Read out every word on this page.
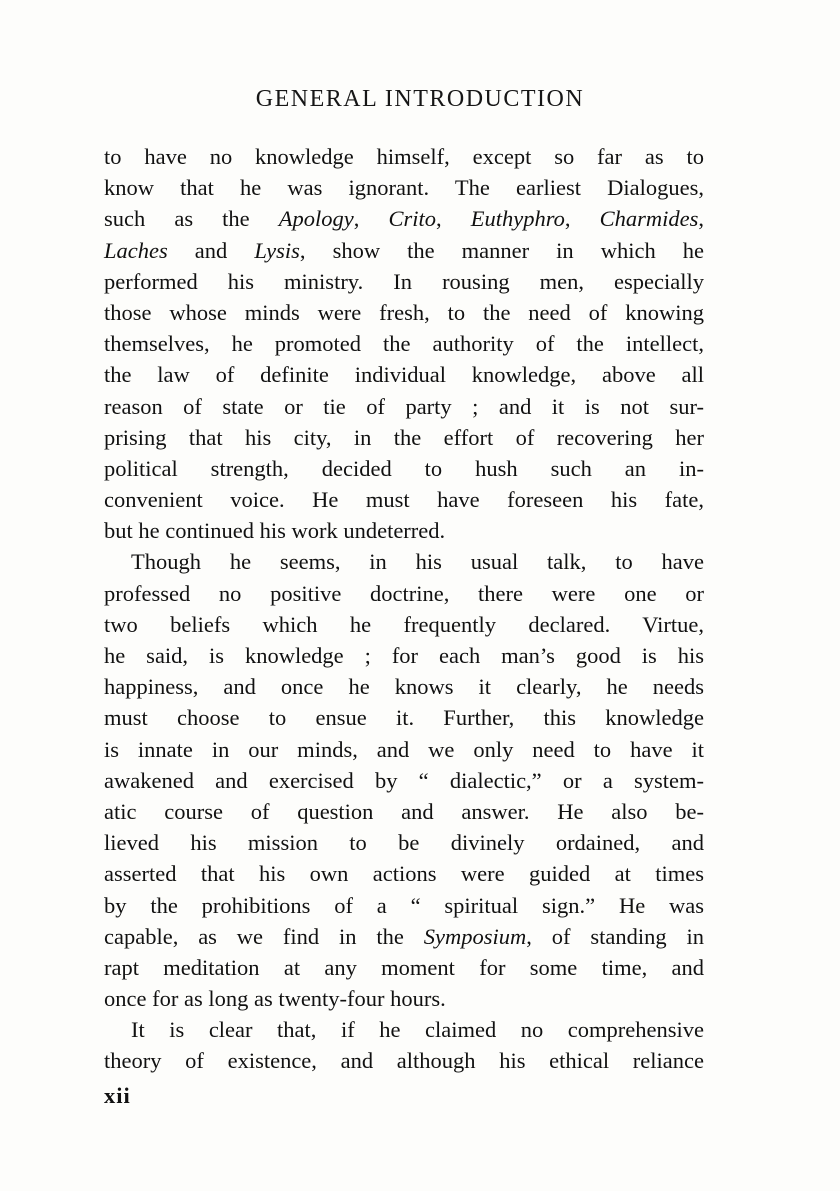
GENERAL INTRODUCTION
to have no knowledge himself, except so far as to
know that he was ignorant. The earliest Dialogues,
such as the Apology, Crito, Euthyphro, Charmides,
Laches and Lysis, show the manner in which he
performed his ministry. In rousing men, especially
those whose minds were fresh, to the need of knowing
themselves, he promoted the authority of the intellect,
the law of definite individual knowledge, above all
reason of state or tie of party ; and it is not sur-
prising that his city, in the effort of recovering her
political strength, decided to hush such an in-
convenient voice. He must have foreseen his fate,
but he continued his work undeterred.
Though he seems, in his usual talk, to have
professed no positive doctrine, there were one or
two beliefs which he frequently declared. Virtue,
he said, is knowledge ; for each man’s good is his
happiness, and once he knows it clearly, he needs
must choose to ensue it. Further, this knowledge
is innate in our minds, and we only need to have it
awakened and exercised by “ dialectic,” or a system-
atic course of question and answer. He also be-
lieved his mission to be divinely ordained, and
asserted that his own actions were guided at times
by the prohibitions of a “ spiritual sign.” He was
capable, as we find in the Symposium, of standing in
rapt meditation at any moment for some time, and
once for as long as twenty-four hours.
It is clear that, if he claimed no comprehensive
theory of existence, and although his ethical reliance
xii
